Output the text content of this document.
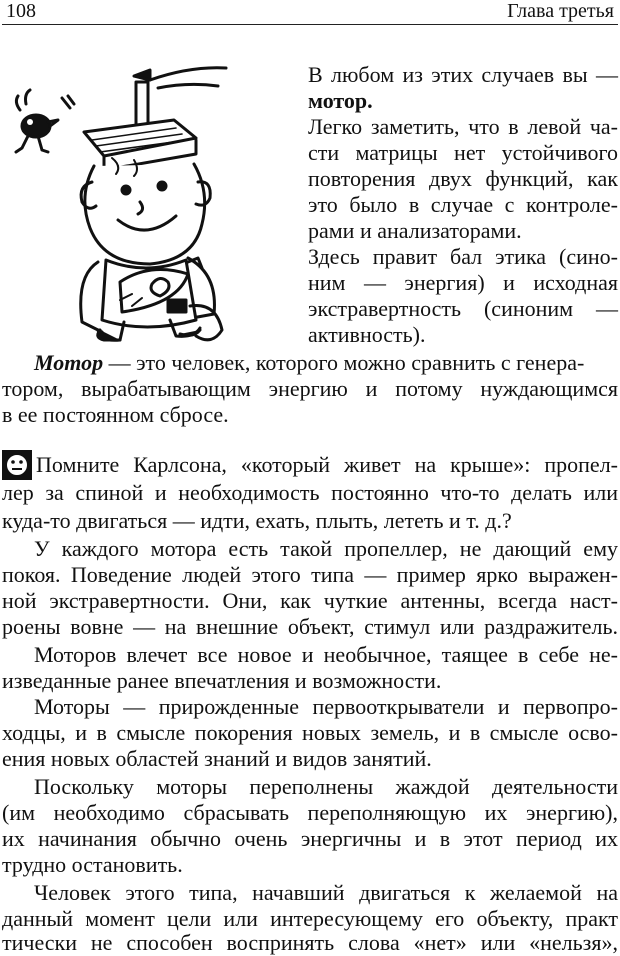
108	Глава третья
В любом из этих случаев вы —
мотор.
Легко заметить, что в левой ча-
сти матрицы нет устойчивого
повторения двух функций, как
это было в случае с контроле-
рами и анализаторами.
Здесь правит бал этика (сино-
ним — энергия) и исходная
экстравертность (синоним —
активность).
Мотор — это человек, которого можно сравнить с генера-
тором, вырабатывающим энергию и потому нуждающимся
в ее постоянном сбросе.
Помните Карлсона, «который живет на крыше»: пропел-
лер за спиной и необходимость постоянно что-то делать или
куда-то двигаться — идти, ехать, плыть, лететь и т. д.?
У каждого мотора есть такой пропеллер, не дающий ему
покоя. Поведение людей этого типа — пример ярко выражен-
ной экстравертности. Они, как чуткие антенны, всегда наст-
роены вовне — на внешние объект, стимул или раздражитель.
Моторов влечет все новое и необычное, таящее в себе не-
изведанные ранее впечатления и возможности.
Моторы — прирожденные первооткрыватели и первопро-
ходцы, и в смысле покорения новых земель, и в смысле осво-
ения новых областей знаний и видов занятий.
Поскольку моторы переполнены жаждой деятельности
(им необходимо сбрасывать переполняющую их энергию),
их начинания обычно очень энергичны и в этот период их
трудно остановить.
Человек этого типа, начавший двигаться к желаемой на
данный момент цели или интересующему его объекту, практ
тически не способен воспринять слова «нет» или «нельзя»,
